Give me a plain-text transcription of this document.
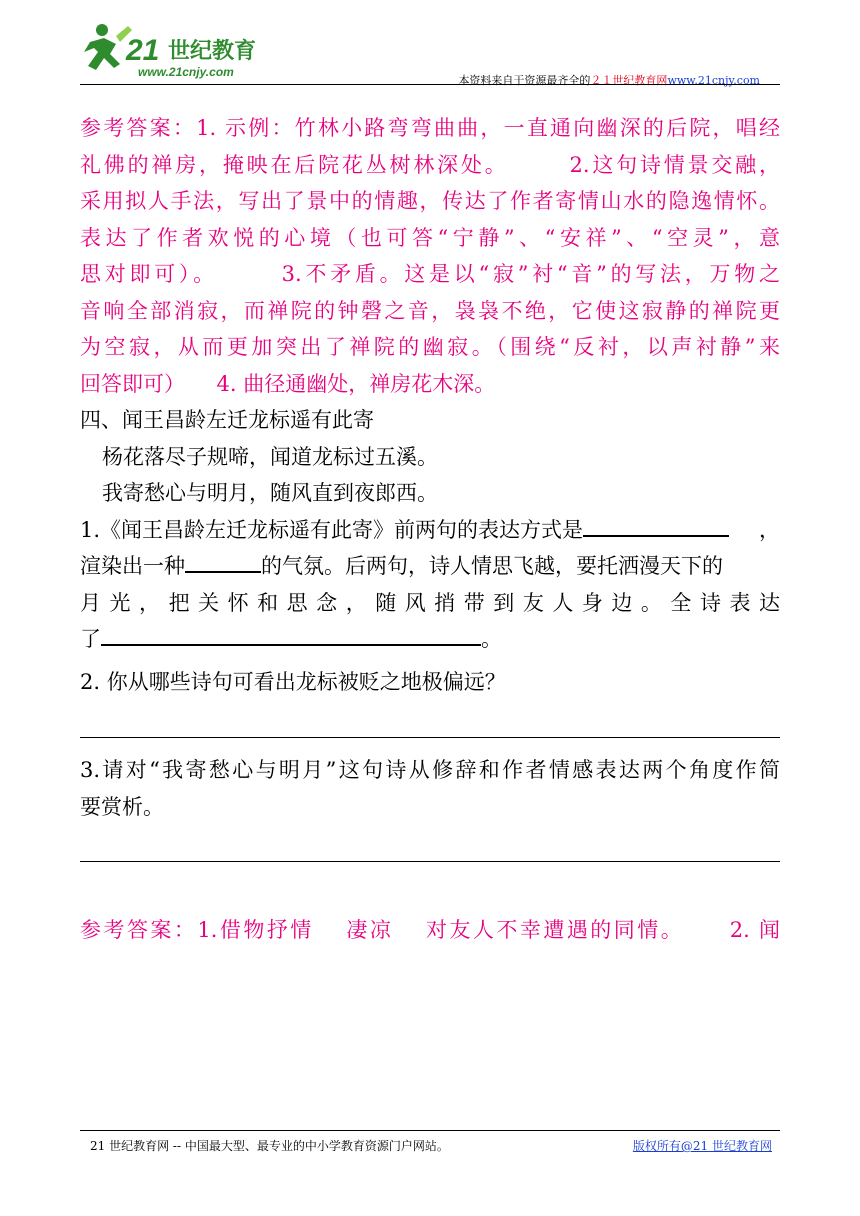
21 世纪教育
www.21cnjy.com
本资料来自于资源最齐全的２１世纪教育网www.21cnjy.com
参考答案：1. 示例：竹林小路弯弯曲曲，一直通向幽深的后院，唱经
礼佛的禅房，掩映在后院花丛树林深处。　　　2.这句诗情景交融，
采用拟人手法，写出了景中的情趣，传达了作者寄情山水的隐逸情怀。
表达了作者欢悦的心境（也可答“宁静”、“安祥”、“空灵”，意
思对即可）。　　　3.不矛盾。这是以“寂”衬“音”的写法，万物之
音响全部消寂，而禅院的钟磬之音，袅袅不绝，它使这寂静的禅院更
为空寂，从而更加突出了禅院的幽寂。（围绕“反衬，以声衬静”来
回答即可）　　4. 曲径通幽处，禅房花木深。
四、闻王昌龄左迁龙标遥有此寄
杨花落尽子规啼，闻道龙标过五溪。
我寄愁心与明月，随风直到夜郎西。
1.《闻王昌龄左迁龙标遥有此寄》前两句的表达方式是	，
渲染出一种	的气氛。后两句，诗人情思飞越，要托洒漫天下的
月光，把关怀和思念，随风捎带到友人身边。全诗表达
了	。
2. 你从哪些诗句可看出龙标被贬之地极偏远？
3.请对“我寄愁心与明月”这句诗从修辞和作者情感表达两个角度作简
要赏析。
参考答案：1.借物抒情　 凄凉　 对友人不幸遭遇的同情。　　 2. 闻
21 世纪教育网 -- 中国最大型、最专业的中小学教育资源门户网站。	版权所有@21 世纪教育网
